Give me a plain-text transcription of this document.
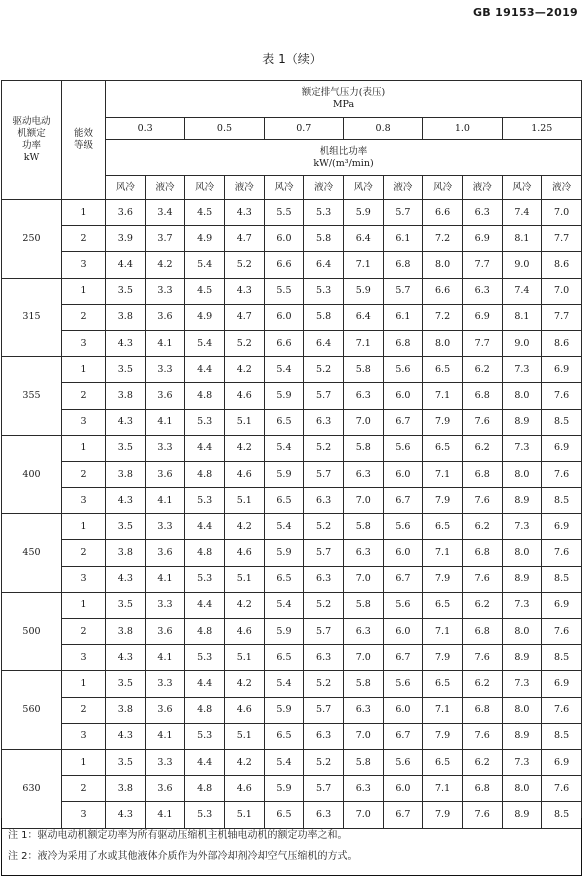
GB 19153—2019
表 1（续）
驱动电动
机额定
功率
kW	能效
等级	额定排气压力(表压)
MPa											
		0.3		0.5		0.7		0.8		1.0		1.25	
		机组比功率
kW/(m³/min)											
		风冷	液冷	风冷	液冷	风冷	液冷	风冷	液冷	风冷	液冷	风冷	液冷
250	1	3.6	3.4	4.5	4.3	5.5	5.3	5.9	5.7	6.6	6.3	7.4	7.0
	2	3.9	3.7	4.9	4.7	6.0	5.8	6.4	6.1	7.2	6.9	8.1	7.7
	3	4.4	4.2	5.4	5.2	6.6	6.4	7.1	6.8	8.0	7.7	9.0	8.6
315	1	3.5	3.3	4.5	4.3	5.5	5.3	5.9	5.7	6.6	6.3	7.4	7.0
	2	3.8	3.6	4.9	4.7	6.0	5.8	6.4	6.1	7.2	6.9	8.1	7.7
	3	4.3	4.1	5.4	5.2	6.6	6.4	7.1	6.8	8.0	7.7	9.0	8.6
355	1	3.5	3.3	4.4	4.2	5.4	5.2	5.8	5.6	6.5	6.2	7.3	6.9
	2	3.8	3.6	4.8	4.6	5.9	5.7	6.3	6.0	7.1	6.8	8.0	7.6
	3	4.3	4.1	5.3	5.1	6.5	6.3	7.0	6.7	7.9	7.6	8.9	8.5
400	1	3.5	3.3	4.4	4.2	5.4	5.2	5.8	5.6	6.5	6.2	7.3	6.9
	2	3.8	3.6	4.8	4.6	5.9	5.7	6.3	6.0	7.1	6.8	8.0	7.6
	3	4.3	4.1	5.3	5.1	6.5	6.3	7.0	6.7	7.9	7.6	8.9	8.5
450	1	3.5	3.3	4.4	4.2	5.4	5.2	5.8	5.6	6.5	6.2	7.3	6.9
	2	3.8	3.6	4.8	4.6	5.9	5.7	6.3	6.0	7.1	6.8	8.0	7.6
	3	4.3	4.1	5.3	5.1	6.5	6.3	7.0	6.7	7.9	7.6	8.9	8.5
500	1	3.5	3.3	4.4	4.2	5.4	5.2	5.8	5.6	6.5	6.2	7.3	6.9
	2	3.8	3.6	4.8	4.6	5.9	5.7	6.3	6.0	7.1	6.8	8.0	7.6
	3	4.3	4.1	5.3	5.1	6.5	6.3	7.0	6.7	7.9	7.6	8.9	8.5
560	1	3.5	3.3	4.4	4.2	5.4	5.2	5.8	5.6	6.5	6.2	7.3	6.9
	2	3.8	3.6	4.8	4.6	5.9	5.7	6.3	6.0	7.1	6.8	8.0	7.6
	3	4.3	4.1	5.3	5.1	6.5	6.3	7.0	6.7	7.9	7.6	8.9	8.5
630	1	3.5	3.3	4.4	4.2	5.4	5.2	5.8	5.6	6.5	6.2	7.3	6.9
	2	3.8	3.6	4.8	4.6	5.9	5.7	6.3	6.0	7.1	6.8	8.0	7.6
	3	4.3	4.1	5.3	5.1	6.5	6.3	7.0	6.7	7.9	7.6	8.9	8.5

注 1：驱动电动机额定功率为所有驱动压缩机主机轴电动机的额定功率之和。

注 2：液冷为采用了水或其他液体介质作为外部冷却剂冷却空气压缩机的方式。
